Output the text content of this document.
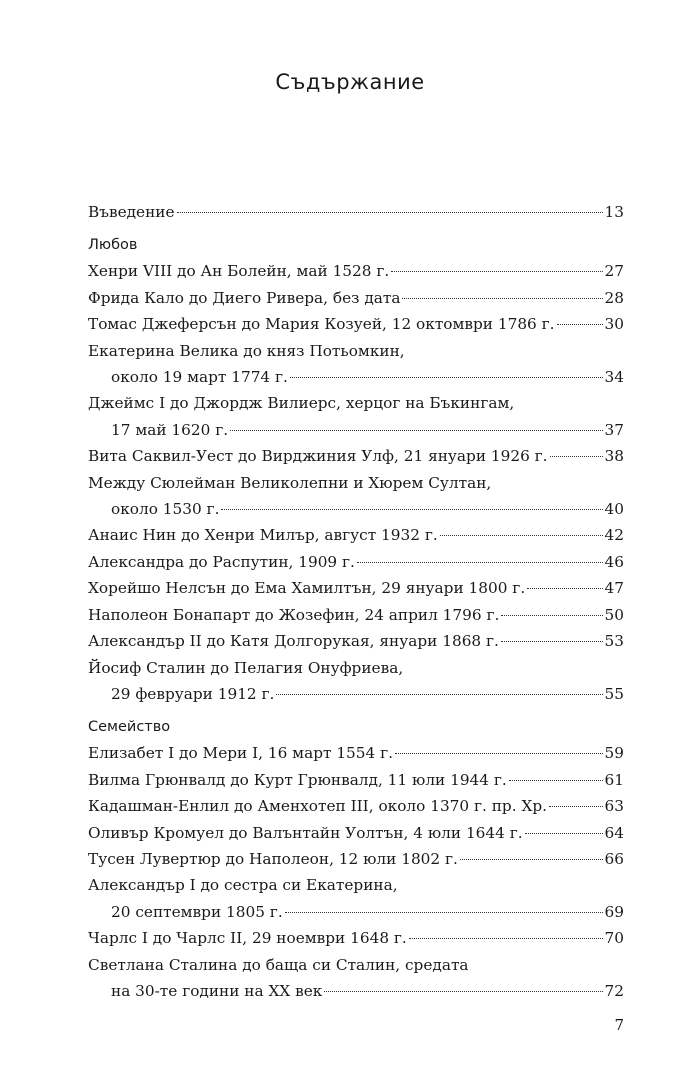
Съдържание
Въведение	13
Любов
Хенри VIII до Ан Болейн, май 1528 г.	27
Фрида Кало до Диего Ривера, без дата	28
Томас Джеферсън до Мария Козуей, 12 октомври 1786 г.	30
Екатерина Велика до княз Потьомкин,
около 19 март 1774 г.	34
Джеймс I до Джордж Вилиерс, херцог на Бъкингам,
17 май 1620 г.	37
Вита Саквил-Уест до Вирджиния Улф, 21 януари 1926 г.	38
Между Сюлейман Великолепни и Хюрем Султан,
около 1530 г.	40
Анаис Нин до Хенри Милър, август 1932 г.	42
Александра до Распутин, 1909 г.	46
Хорейшо Нелсън до Ема Хамилтън, 29 януари 1800 г.	47
Наполеон Бонапарт до Жозефин, 24 април 1796 г.	50
Александър II до Катя Долгорукая, януари 1868 г.	53
Йосиф Сталин до Пелагия Онуфриева,
29 февруари 1912 г.	55
Семейство
Елизабет I до Мери I, 16 март 1554 г.	59
Вилма Грюнвалд до Курт Грюнвалд, 11 юли 1944 г.	61
Кадашман-Енлил до Аменхотеп III, около 1370 г. пр. Хр.	63
Оливър Кромуел до Валънтайн Уолтън, 4 юли 1644 г.	64
Тусен Лувертюр до Наполеон, 12 юли 1802 г.	66
Александър I до сестра си Екатерина,
20 септември 1805 г.	69
Чарлс I до Чарлс II, 29 ноември 1648 г.	70
Светлана Сталина до баща си Сталин, средата
на 30-те години на XX век	72
7
